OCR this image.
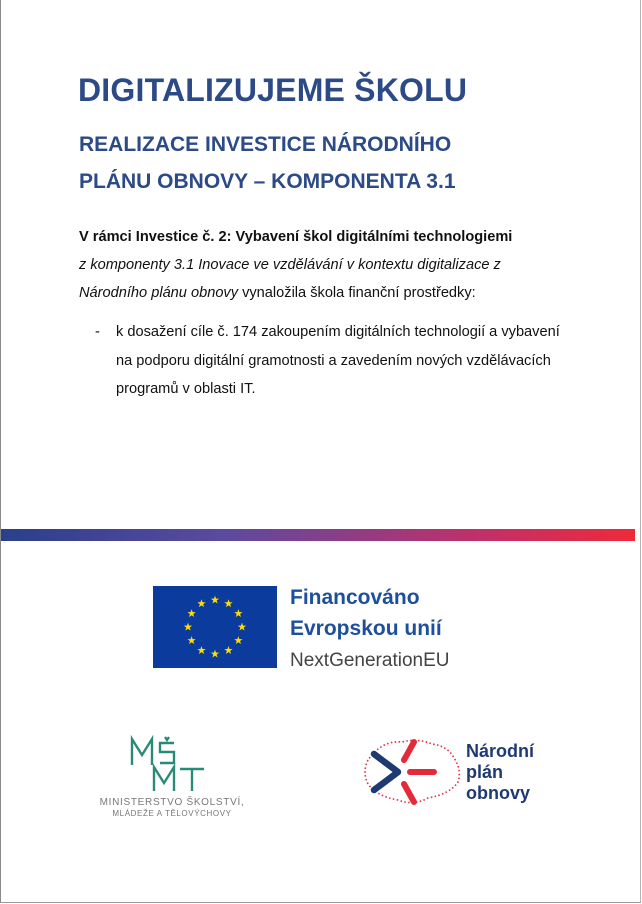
DIGITALIZUJEME ŠKOLU
REALIZACE INVESTICE NÁRODNÍHO
PLÁNU OBNOVY – KOMPONENTA 3.1

V rámci Investice č. 2: Vybavení škol digitálními technologiemi
z komponenty 3.1 Inovace ve vzdělávání v kontextu digitalizace z
Národního plánu obnovy vynaložila škola finanční prostředky:

-	k dosažení cíle č. 174 zakoupením digitálních technologií a vybavení na podporu digitální gramotnosti a zavedením nových vzdělávacích programů v oblasti IT.
Financováno
Evropskou unií
NextGenerationEU
MINISTERSTVO ŠKOLSTVÍ,
MLÁDEŽE A TĚLOVÝCHOVY
Národní
plán
obnovy
